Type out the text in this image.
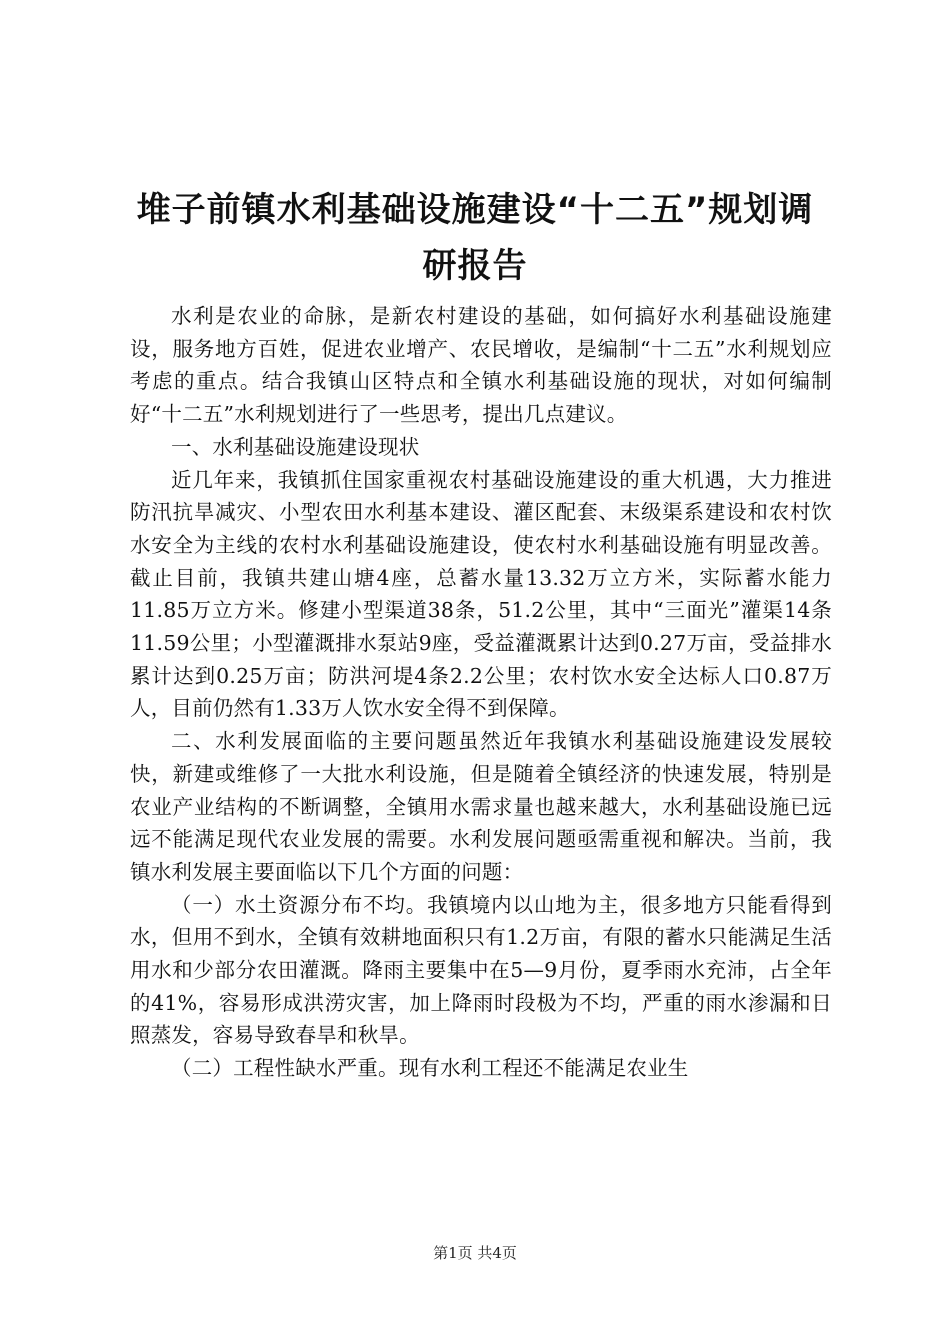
堆子前镇水利基础设施建设“十二五”规划调
研报告

水利是农业的命脉，是新农村建设的基础，如何搞好水利基础设施建设，服务地方百姓，促进农业增产、农民增收，是编制“十二五”水利规划应考虑的重点。结合我镇山区特点和全镇水利基础设施的现状，对如何编制好“十二五”水利规划进行了一些思考，提出几点建议。

一、水利基础设施建设现状

近几年来，我镇抓住国家重视农村基础设施建设的重大机遇，大力推进防汛抗旱减灾、小型农田水利基本建设、灌区配套、末级渠系建设和农村饮水安全为主线的农村水利基础设施建设，使农村水利基础设施有明显改善。截止目前，我镇共建山塘4座，总蓄水量13.32万立方米，实际蓄水能力11.85万立方米。修建小型渠道38条，51.2公里，其中“三面光”灌渠14条11.59公里；小型灌溉排水泵站9座，受益灌溉累计达到0.27万亩，受益排水累计达到0.25万亩；防洪河堤4条2.2公里；农村饮水安全达标人口0.87万人，目前仍然有1.33万人饮水安全得不到保障。

二、水利发展面临的主要问题虽然近年我镇水利基础设施建设发展较快，新建或维修了一大批水利设施，但是随着全镇经济的快速发展，特别是农业产业结构的不断调整，全镇用水需求量也越来越大，水利基础设施已远远不能满足现代农业发展的需要。水利发展问题亟需重视和解决。当前，我镇水利发展主要面临以下几个方面的问题：

（一）水土资源分布不均。我镇境内以山地为主，很多地方只能看得到水，但用不到水，全镇有效耕地面积只有1.2万亩，有限的蓄水只能满足生活用水和少部分农田灌溉。降雨主要集中在5—9月份，夏季雨水充沛，占全年的41%，容易形成洪涝灾害，加上降雨时段极为不均，严重的雨水渗漏和日照蒸发，容易导致春旱和秋旱。

（二）工程性缺水严重。现有水利工程还不能满足农业生

第1页 共4页
